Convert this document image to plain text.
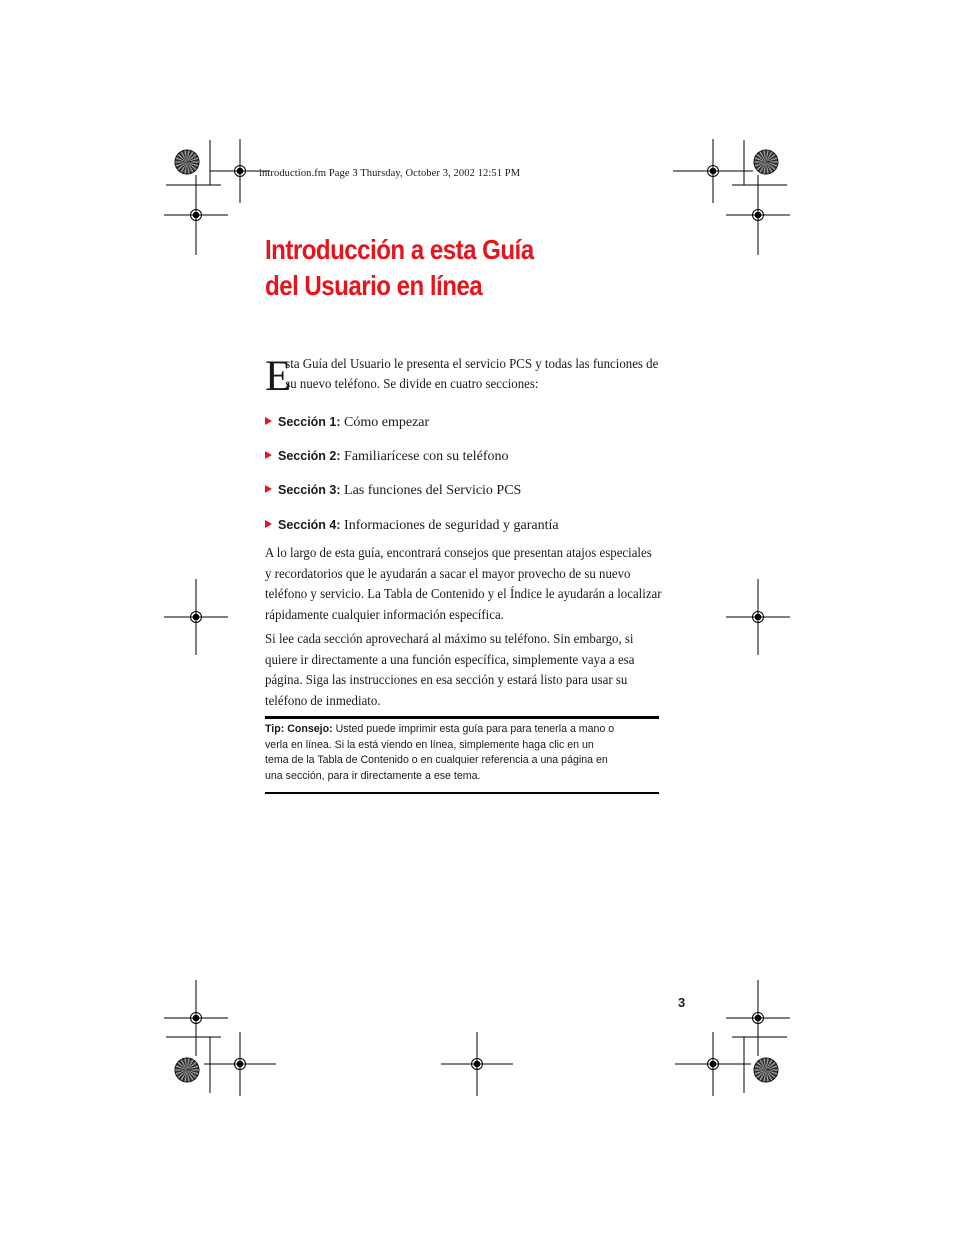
introduction.fm Page 3 Thursday, October 3, 2002 12:51 PM
Introducción a esta Guía
del Usuario en línea
E
sta Guía del Usuario le presenta el servicio PCS y todas las funciones de
su nuevo teléfono. Se divide en cuatro secciones:
Sección 1: Cómo empezar
Sección 2: Familiarícese con su teléfono
Sección 3: Las funciones del Servicio PCS
Sección 4: Informaciones de seguridad y garantía
A lo largo de esta guía, encontrará consejos que presentan atajos especiales
y recordatorios que le ayudarán a sacar el mayor provecho de su nuevo
teléfono y servicio. La Tabla de Contenido y el Índice le ayudarán a localizar
rápidamente cualquier información específica.
Si lee cada sección aprovechará al máximo su teléfono. Sin embargo, si
quiere ir directamente a una función específica, simplemente vaya a esa
página. Siga las instrucciones en esa sección y estará listo para usar su
teléfono de inmediato.
Tip: Consejo: Usted puede imprimir esta guía para para tenerla a mano o
verla en línea. Si la está viendo en línea, simplemente haga clic en un
tema de la Tabla de Contenido o en cualquier referencia a una página en
una sección, para ir directamente a ese tema.
3
